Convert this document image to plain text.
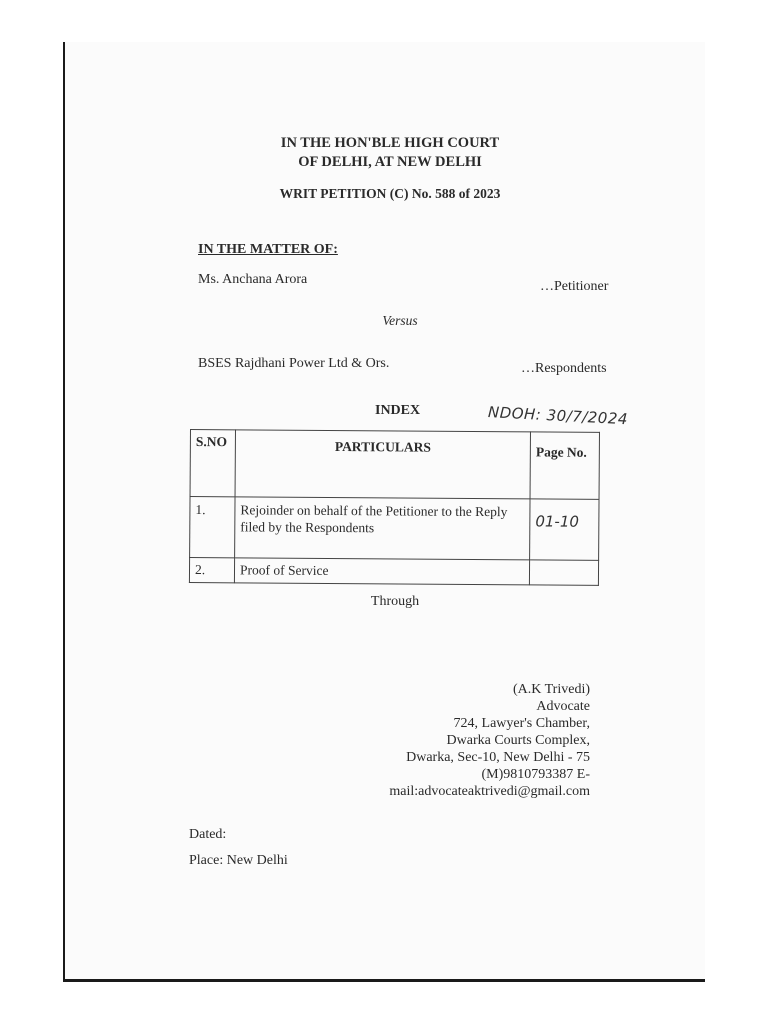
IN THE HON'BLE HIGH COURT
OF DELHI, AT NEW DELHI
WRIT PETITION (C) No. 588 of 2023
IN THE MATTER OF:
Ms. Anchana Arora	…Petitioner
Versus
BSES Rajdhani Power Ltd & Ors.	…Respondents
INDEX	NDOH: 30/7/2024
S.NO	PARTICULARS	Page No.
1.	Rejoinder on behalf of the Petitioner to the Reply filed by the Respondents	01-10
2.	Proof of Service	
Through
(A.K Trivedi)
Advocate
724, Lawyer's Chamber,
Dwarka Courts Complex,
Dwarka, Sec-10, New Delhi - 75
(M)9810793387 E-
mail:advocateaktrivedi@gmail.com
Dated:
Place: New Delhi
